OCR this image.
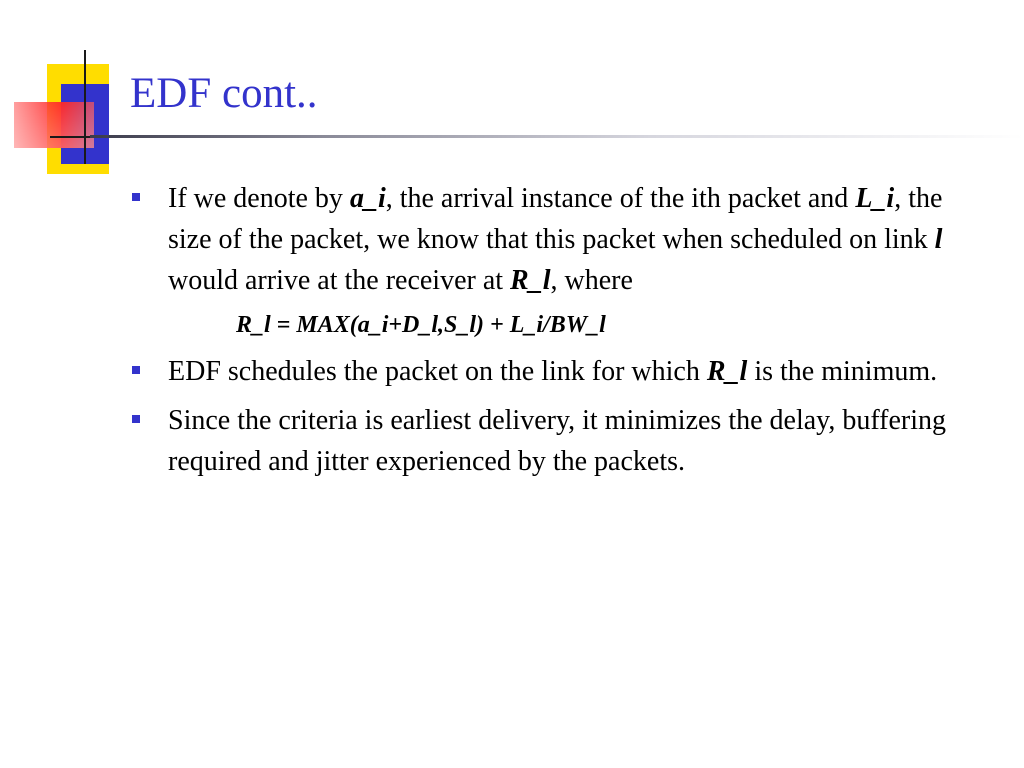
EDF cont..
If we denote by a_i, the arrival instance of the ith packet and L_i, the size of the packet, we know that this packet when scheduled on link l would arrive at the receiver at R_l, where
R_l = MAX(a_i+D_l,S_l) + L_i/BW_l
EDF schedules the packet on the link for which R_l is the minimum.
Since the criteria is earliest delivery, it minimizes the delay, buffering required and jitter experienced by the packets.
